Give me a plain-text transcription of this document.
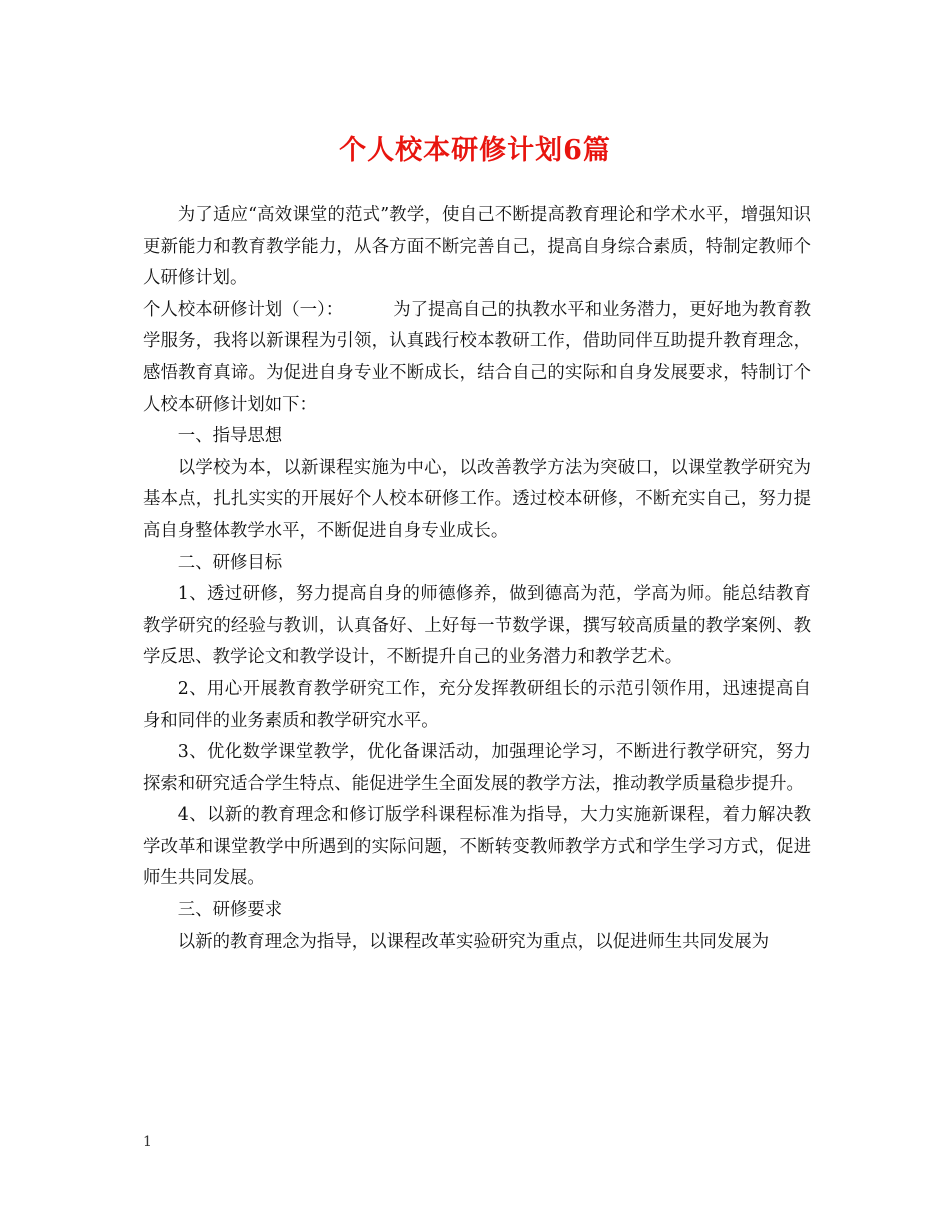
个人校本研修计划6篇

为了适应“高效课堂的范式”教学，使自己不断提高教育理论和学术水平，增强知识更新能力和教育教学能力，从各方面不断完善自己，提高自身综合素质，特制定教师个人研修计划。

个人校本研修计划（一）：	为了提高自己的执教水平和业务潜力，更好地为教育教学服务，我将以新课程为引领，认真践行校本教研工作，借助同伴互助提升教育理念，感悟教育真谛。为促进自身专业不断成长，结合自己的实际和自身发展要求，特制订个人校本研修计划如下：

一、指导思想

以学校为本，以新课程实施为中心，以改善教学方法为突破口，以课堂教学研究为基本点，扎扎实实的开展好个人校本研修工作。透过校本研修，不断充实自己，努力提高自身整体教学水平，不断促进自身专业成长。

二、研修目标

1、透过研修，努力提高自身的师德修养，做到德高为范，学高为师。能总结教育教学研究的经验与教训，认真备好、上好每一节数学课，撰写较高质量的教学案例、教学反思、教学论文和教学设计，不断提升自己的业务潜力和教学艺术。

2、用心开展教育教学研究工作，充分发挥教研组长的示范引领作用，迅速提高自身和同伴的业务素质和教学研究水平。

3、优化数学课堂教学，优化备课活动，加强理论学习，不断进行教学研究，努力探索和研究适合学生特点、能促进学生全面发展的教学方法，推动教学质量稳步提升。

4、以新的教育理念和修订版学科课程标准为指导，大力实施新课程，着力解决教学改革和课堂教学中所遇到的实际问题，不断转变教师教学方式和学生学习方式，促进师生共同发展。

三、研修要求

以新的教育理念为指导，以课程改革实验研究为重点，以促进师生共同发展为

1
